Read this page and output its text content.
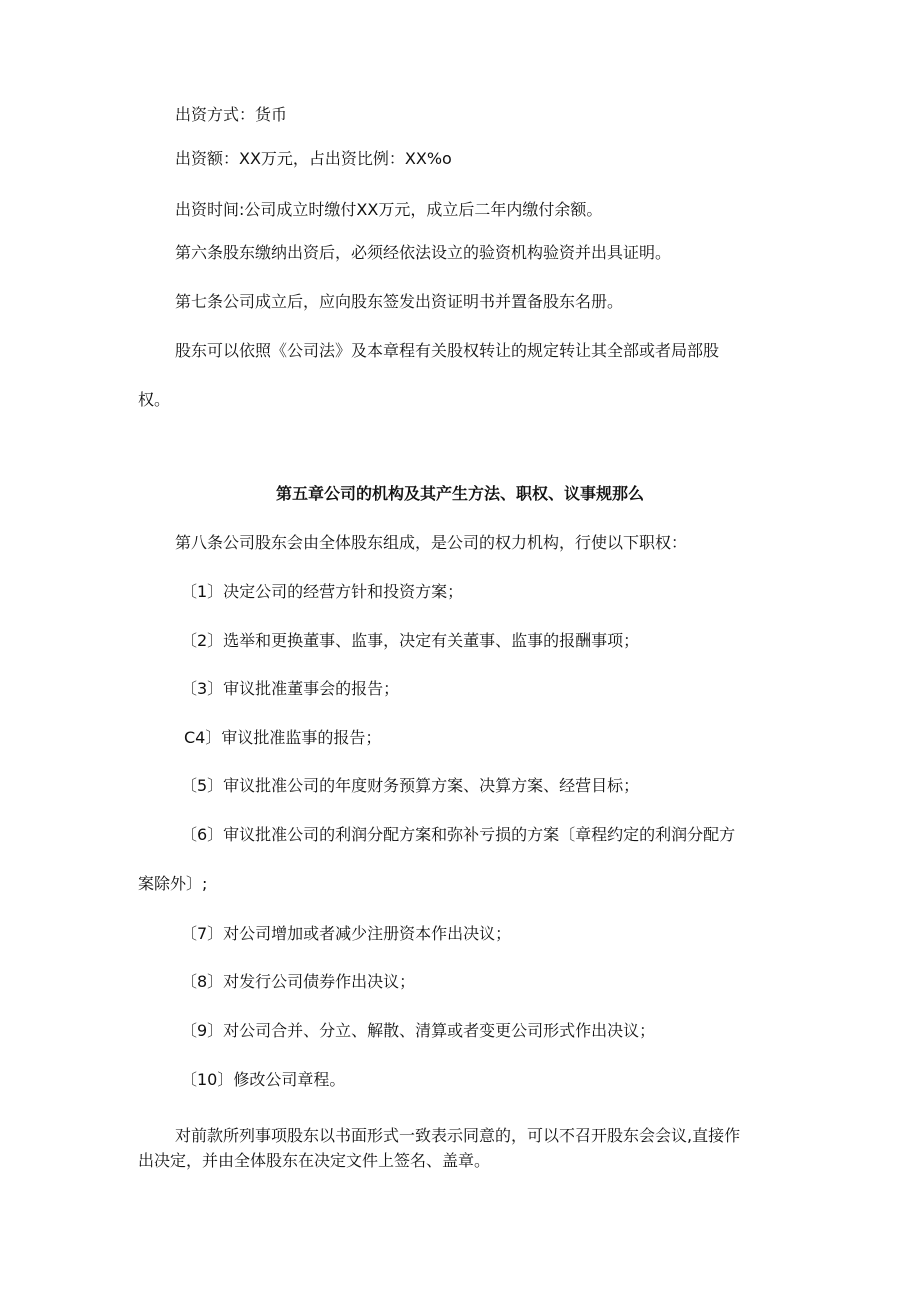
出资方式：货币

出资额：XX万元，占出资比例：XX%o

出资时间:公司成立时缴付XX万元，成立后二年内缴付余额。

第六条股东缴纳出资后，必须经依法设立的验资机构验资并出具证明。

第七条公司成立后，应向股东签发出资证明书并置备股东名册。

股东可以依照《公司法》及本章程有关股权转让的规定转让其全部或者局部股

权。

第五章公司的机构及其产生方法、职权、议事规那么

第八条公司股东会由全体股东组成，是公司的权力机构，行使以下职权：

〔1〕决定公司的经营方针和投资方案；

〔2〕选举和更换董事、监事，决定有关董事、监事的报酬事项；

〔3〕审议批准董事会的报告；

C4〕审议批准监事的报告；

〔5〕审议批准公司的年度财务预算方案、决算方案、经营目标；

〔6〕审议批准公司的利润分配方案和弥补亏损的方案〔章程约定的利润分配方

案除外〕;

〔7〕对公司增加或者减少注册资本作出决议；

〔8〕对发行公司债券作出决议；

〔9〕对公司合并、分立、解散、清算或者变更公司形式作出决议；

〔10〕修改公司章程。

对前款所列事项股东以书面形式一致表示同意的，可以不召开股东会会议,直接作

出决定，并由全体股东在决定文件上签名、盖章。
